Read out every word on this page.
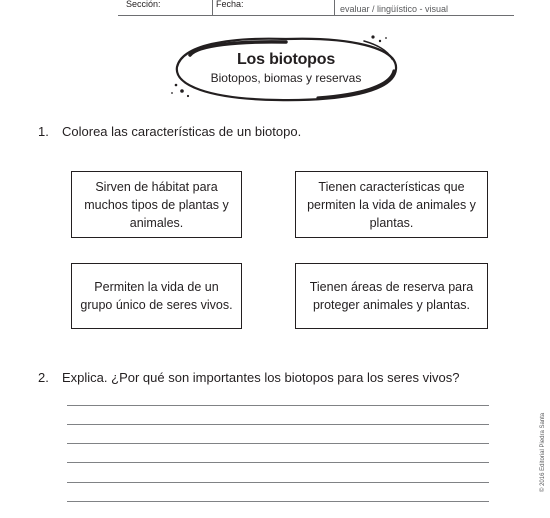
Sección:	Fecha:	evaluar / lingüístico - visual
Los biotopos
Biotopos, biomas y reservas
1. Colorea las características de un biotopo.
Sirven de hábitat para muchos tipos de plantas y animales.
Tienen características que permiten la vida de animales y plantas.
Permiten la vida de un grupo único de seres vivos.
Tienen áreas de reserva para proteger animales y plantas.
2. Explica. ¿Por qué son importantes los biotopos para los seres vivos?
© 2016 Editorial Piedra Santa
